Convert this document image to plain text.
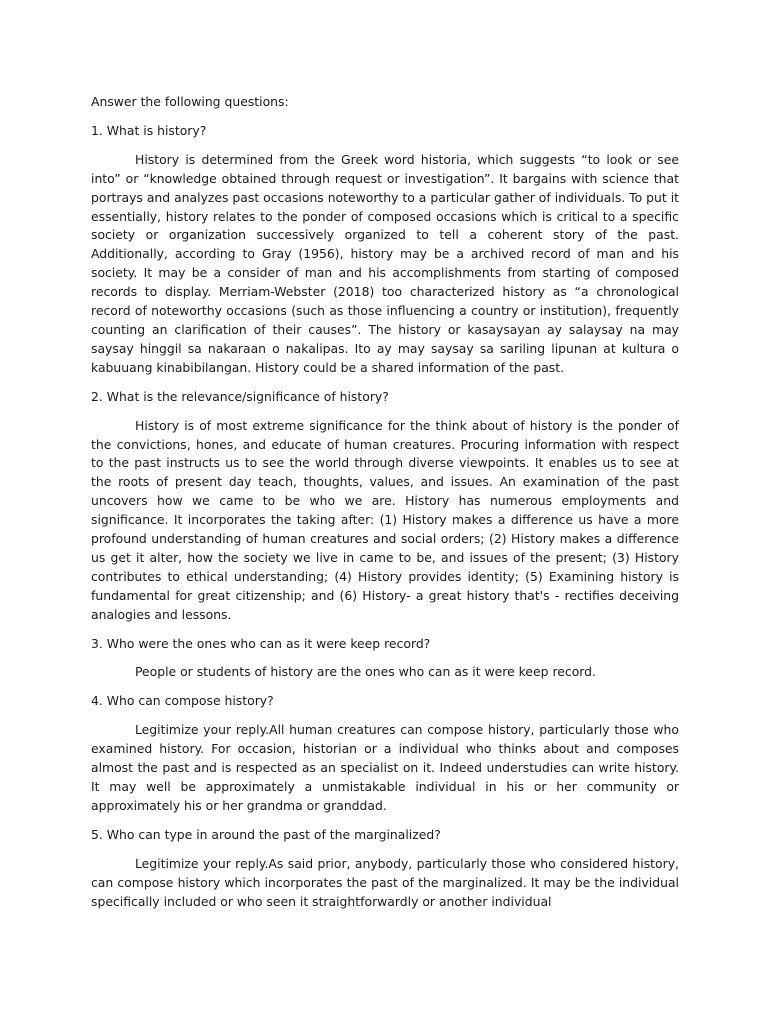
Answer the following questions:

1. What is history?

History is determined from the Greek word historia, which suggests “to look or see into” or “knowledge obtained through request or investigation”. It bargains with science that portrays and analyzes past occasions noteworthy to a particular gather of individuals. To put it essentially, history relates to the ponder of composed occasions which is critical to a specific society or organization successively organized to tell a coherent story of the past. Additionally, according to Gray (1956), history may be a archived record of man and his society. It may be a consider of man and his accomplishments from starting of composed records to display. Merriam-Webster (2018) too characterized history as “a chronological record of noteworthy occasions (such as those influencing a country or institution), frequently counting an clarification of their causes”. The history or kasaysayan ay salaysay na may saysay hinggil sa nakaraan o nakalipas. Ito ay may saysay sa sariling lipunan at kultura o kabuuang kinabibilangan. History could be a shared information of the past.

2. What is the relevance/significance of history?

History is of most extreme significance for the think about of history is the ponder of the convictions, hones, and educate of human creatures. Procuring information with respect to the past instructs us to see the world through diverse viewpoints. It enables us to see at the roots of present day teach, thoughts, values, and issues. An examination of the past uncovers how we came to be who we are. History has numerous employments and significance. It incorporates the taking after: (1) History makes a difference us have a more profound understanding of human creatures and social orders; (2) History makes a difference us get it alter, how the society we live in came to be, and issues of the present; (3) History contributes to ethical understanding; (4) History provides identity; (5) Examining history is fundamental for great citizenship; and (6) History- a great history that's - rectifies deceiving analogies and lessons.

3. Who were the ones who can as it were keep record?

People or students of history are the ones who can as it were keep record.

4. Who can compose history?

Legitimize your reply.All human creatures can compose history, particularly those who examined history. For occasion, historian or a individual who thinks about and composes almost the past and is respected as an specialist on it. Indeed understudies can write history. It may well be approximately a unmistakable individual in his or her community or approximately his or her grandma or granddad.

5. Who can type in around the past of the marginalized?

Legitimize your reply.As said prior, anybody, particularly those who considered history, can compose history which incorporates the past of the marginalized. It may be the individual specifically included or who seen it straightforwardly or another individual
